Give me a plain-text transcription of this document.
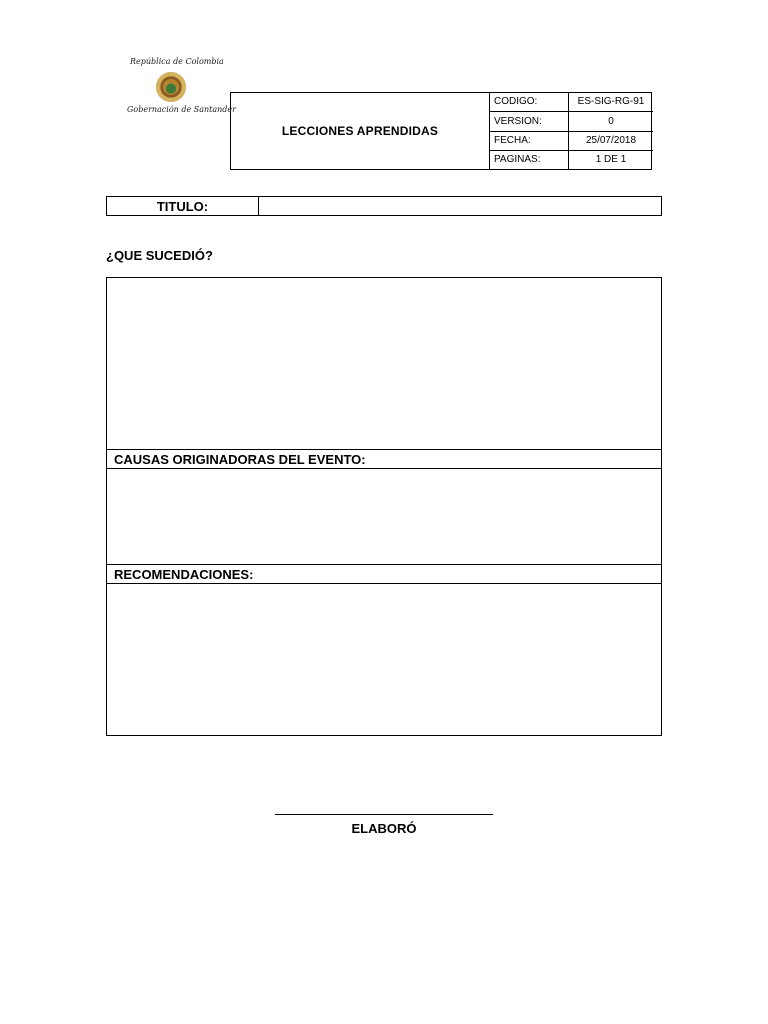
República de Colombia
Gobernación de Santander
LECCIONES APRENDIDAS
CODIGO:	ES-SIG-RG-91
VERSION:	0
FECHA:	25/07/2018
PAGINAS:	1 DE 1
TITULO:
¿QUE SUCEDIÓ?
CAUSAS ORIGINADORAS DEL EVENTO:
RECOMENDACIONES:
ELABORÓ
